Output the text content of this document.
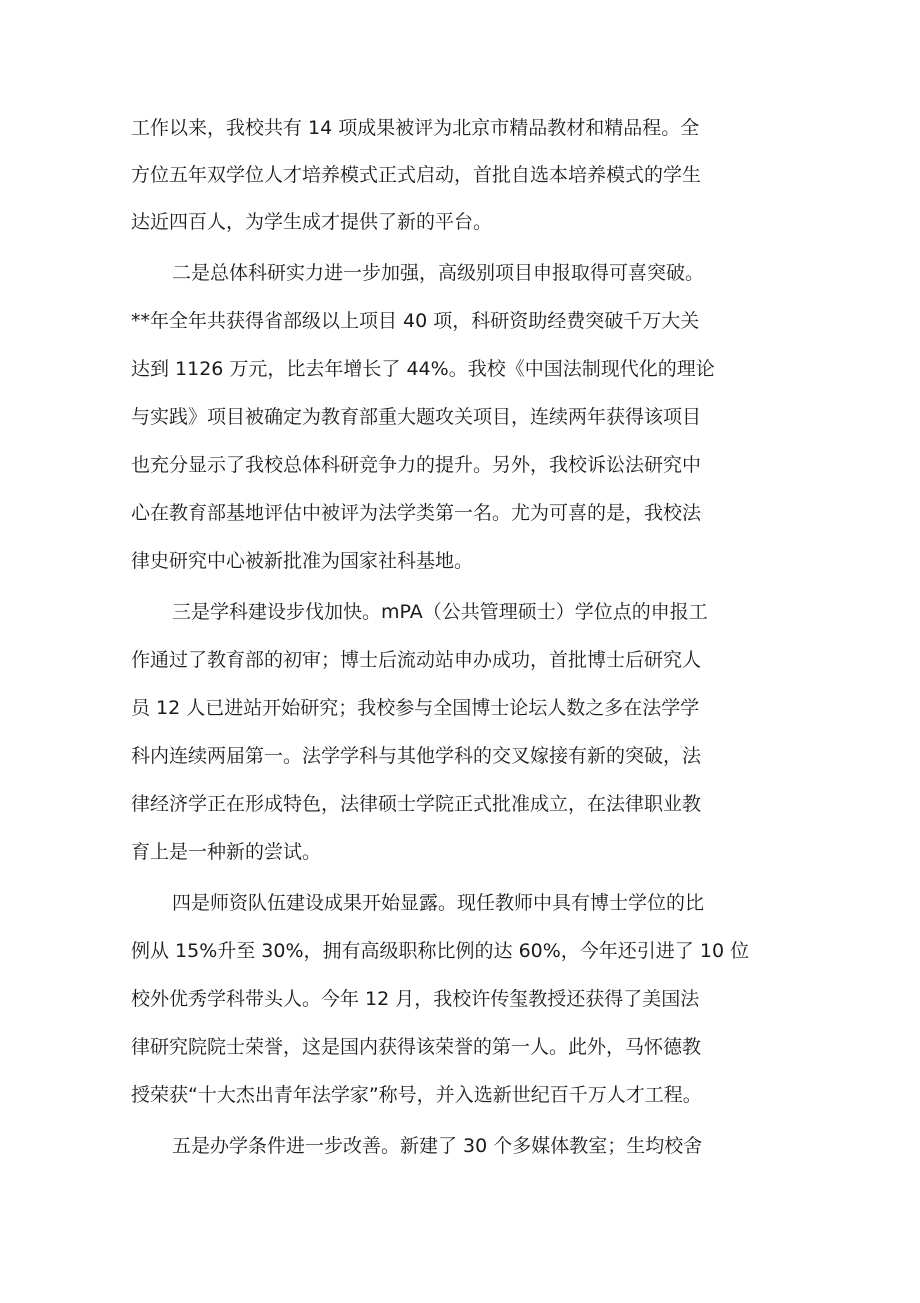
工作以来，我校共有 14 项成果被评为北京市精品教材和精品程。全
方位五年双学位人才培养模式正式启动，首批自选本培养模式的学生
达近四百人，为学生成才提供了新的平台。
二是总体科研实力进一步加强，高级别项目申报取得可喜突破。
**年全年共获得省部级以上项目 40 项，科研资助经费突破千万大关
达到 1126 万元，比去年增长了 44%。我校《中国法制现代化的理论
与实践》项目被确定为教育部重大题攻关项目，连续两年获得该项目
也充分显示了我校总体科研竞争力的提升。另外，我校诉讼法研究中
心在教育部基地评估中被评为法学类第一名。尤为可喜的是，我校法
律史研究中心被新批准为国家社科基地。
三是学科建设步伐加快。mPA（公共管理硕士）学位点的申报工
作通过了教育部的初审；博士后流动站申办成功，首批博士后研究人
员 12 人已进站开始研究；我校参与全国博士论坛人数之多在法学学
科内连续两届第一。法学学科与其他学科的交叉嫁接有新的突破，法
律经济学正在形成特色，法律硕士学院正式批准成立，在法律职业教
育上是一种新的尝试。
四是师资队伍建设成果开始显露。现任教师中具有博士学位的比
例从 15%升至 30%，拥有高级职称比例的达 60%，今年还引进了 10 位
校外优秀学科带头人。今年 12 月，我校许传玺教授还获得了美国法
律研究院院士荣誉，这是国内获得该荣誉的第一人。此外，马怀德教
授荣获“十大杰出青年法学家”称号，并入选新世纪百千万人才工程。
五是办学条件进一步改善。新建了 30 个多媒体教室；生均校舍
